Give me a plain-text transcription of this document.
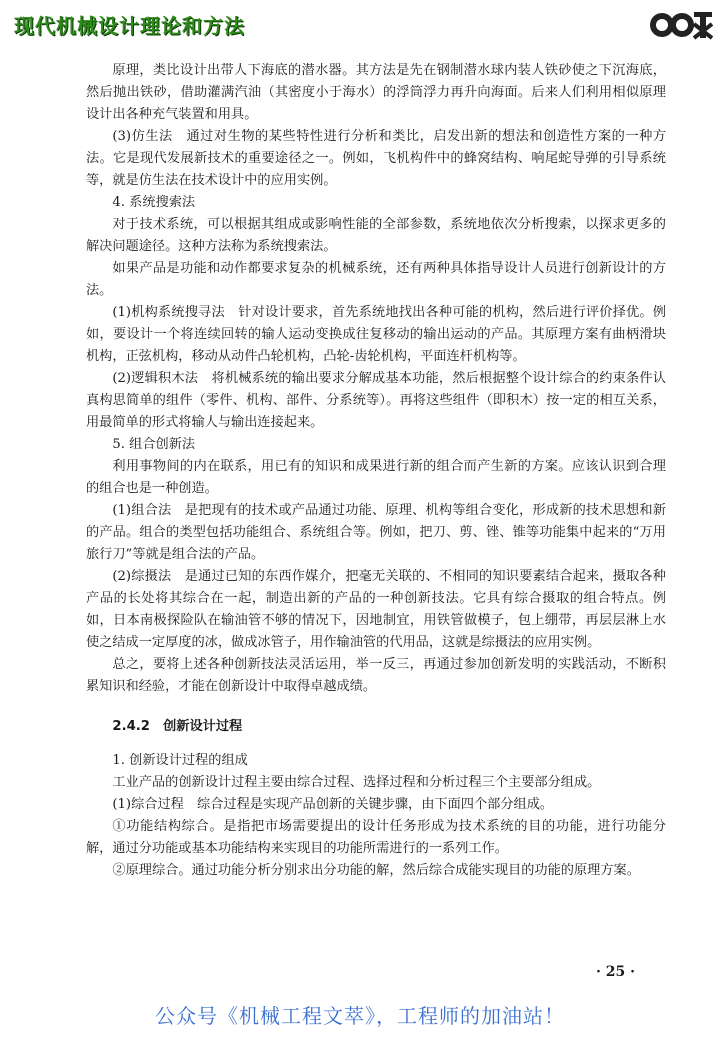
现代机械设计理论和方法

原理，类比设计出带人下海底的潜水器。其方法是先在钢制潜水球内装人铁砂使之下沉海底，然后抛出铁砂，借助灌满汽油（其密度小于海水）的浮筒浮力再升向海面。后来人们利用相似原理设计出各种充气装置和用具。

(3)仿生法　通过对生物的某些特性进行分析和类比，启发出新的想法和创造性方案的一种方法。它是现代发展新技术的重要途径之一。例如，飞机构件中的蜂窝结构、响尾蛇导弹的引导系统等，就是仿生法在技术设计中的应用实例。

4. 系统搜索法

对于技术系统，可以根据其组成或影响性能的全部参数，系统地依次分析搜索，以探求更多的解决问题途径。这种方法称为系统搜索法。

如果产品是功能和动作都要求复杂的机械系统，还有两种具体指导设计人员进行创新设计的方法。

(1)机构系统搜寻法　针对设计要求，首先系统地找出各种可能的机构，然后进行评价择优。例如，要设计一个将连续回转的输人运动变换成往复移动的输出运动的产品。其原理方案有曲柄滑块机构，正弦机构，移动从动件凸轮机构，凸轮-齿轮机构，平面连杆机构等。

(2)逻辑积木法　将机械系统的输出要求分解成基本功能，然后根据整个设计综合的约束条件认真构思简单的组件（零件、机构、部件、分系统等）。再将这些组件（即积木）按一定的相互关系，用最简单的形式将输人与输出连接起来。

5. 组合创新法

利用事物间的内在联系，用已有的知识和成果进行新的组合而产生新的方案。应该认识到合理的组合也是一种创造。

(1)组合法　是把现有的技术或产品通过功能、原理、机构等组合变化，形成新的技术思想和新的产品。组合的类型包括功能组合、系统组合等。例如，把刀、剪、锉、锥等功能集中起来的“万用旅行刀”等就是组合法的产品。

(2)综摄法　是通过已知的东西作媒介，把毫无关联的、不相同的知识要素结合起来，摄取各种产品的长处将其综合在一起，制造出新的产品的一种创新技法。它具有综合摄取的组合特点。例如，日本南极探险队在输油管不够的情况下，因地制宜，用铁管做模子，包上绷带，再层层淋上水使之结成一定厚度的冰，做成冰管子，用作输油管的代用品，这就是综摄法的应用实例。

总之，要将上述各种创新技法灵活运用，举一反三，再通过参加创新发明的实践活动，不断积累知识和经验，才能在创新设计中取得卓越成绩。

2.4.2　创新设计过程

1. 创新设计过程的组成

工业产品的创新设计过程主要由综合过程、选择过程和分析过程三个主要部分组成。

(1)综合过程　综合过程是实现产品创新的关键步骤，由下面四个部分组成。

①功能结构综合。是指把市场需要提出的设计任务形成为技术系统的目的功能，进行功能分解，通过分功能或基本功能结构来实现目的功能所需进行的一系列工作。

②原理综合。通过功能分析分别求出分功能的解，然后综合成能实现目的功能的原理方案。

· 25 ·
公众号《机械工程文萃》，工程师的加油站！
